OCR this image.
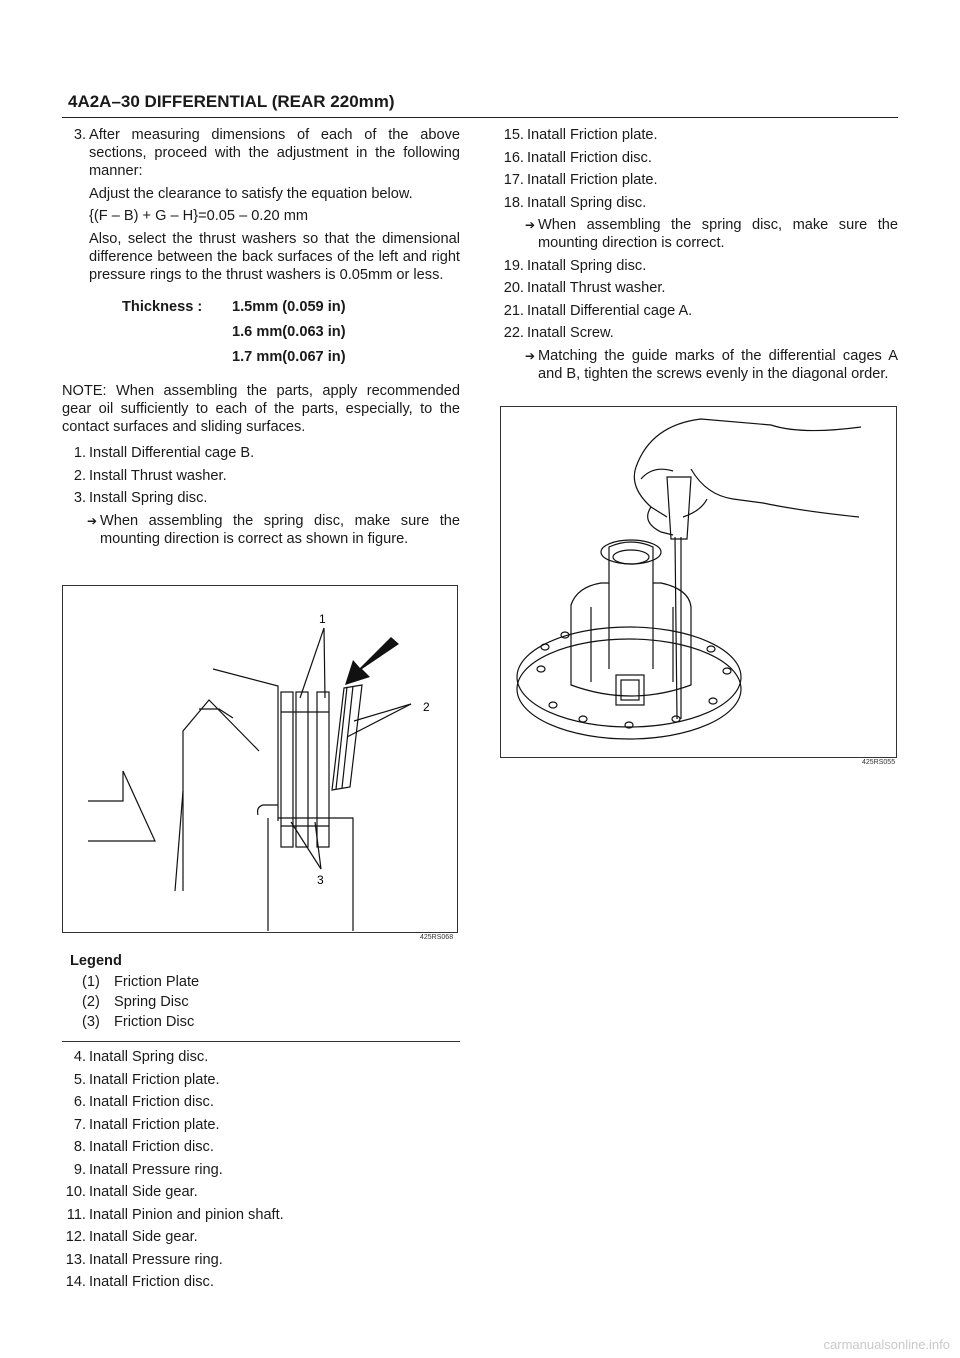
4A2A–30 DIFFERENTIAL (REAR 220mm)
3. After measuring dimensions of each of the above sections, proceed with the adjustment in the following manner:
Adjust the clearance to satisfy the equation below.
{(F – B) + G – H}=0.05 – 0.20 mm
Also, select the thrust washers so that the dimensional difference between the back surfaces of the left and right pressure rings to the thrust washers is 0.05mm or less.
Thickness : 1.5mm (0.059 in)
1.6 mm(0.063 in)
1.7 mm(0.067 in)
NOTE: When assembling the parts, apply recommended gear oil sufficiently to each of the parts, especially, to the contact surfaces and sliding surfaces.
1. Install Differential cage B.
2. Install Thrust washer.
3. Install Spring disc.
➔ When assembling the spring disc, make sure the mounting direction is correct as shown in figure.
1
2
3
425RS068
Legend
(1) Friction Plate
(2) Spring Disc
(3) Friction Disc
4. Inatall Spring disc.
5. Inatall Friction plate.
6. Inatall Friction disc.
7. Inatall Friction plate.
8. Inatall Friction disc.
9. Inatall Pressure ring.
10. Inatall Side gear.
11. Inatall Pinion and pinion shaft.
12. Inatall Side gear.
13. Inatall Pressure ring.
14. Inatall Friction disc.
15. Inatall Friction plate.
16. Inatall Friction disc.
17. Inatall Friction plate.
18. Inatall Spring disc.
➔ When assembling the spring disc, make sure the mounting direction is correct.
19. Inatall Spring disc.
20. Inatall Thrust washer.
21. Inatall Differential cage A.
22. Inatall Screw.
➔ Matching the guide marks of the differential cages A and B, tighten the screws evenly in the diagonal order.
425RS055
carmanualsonline.info
